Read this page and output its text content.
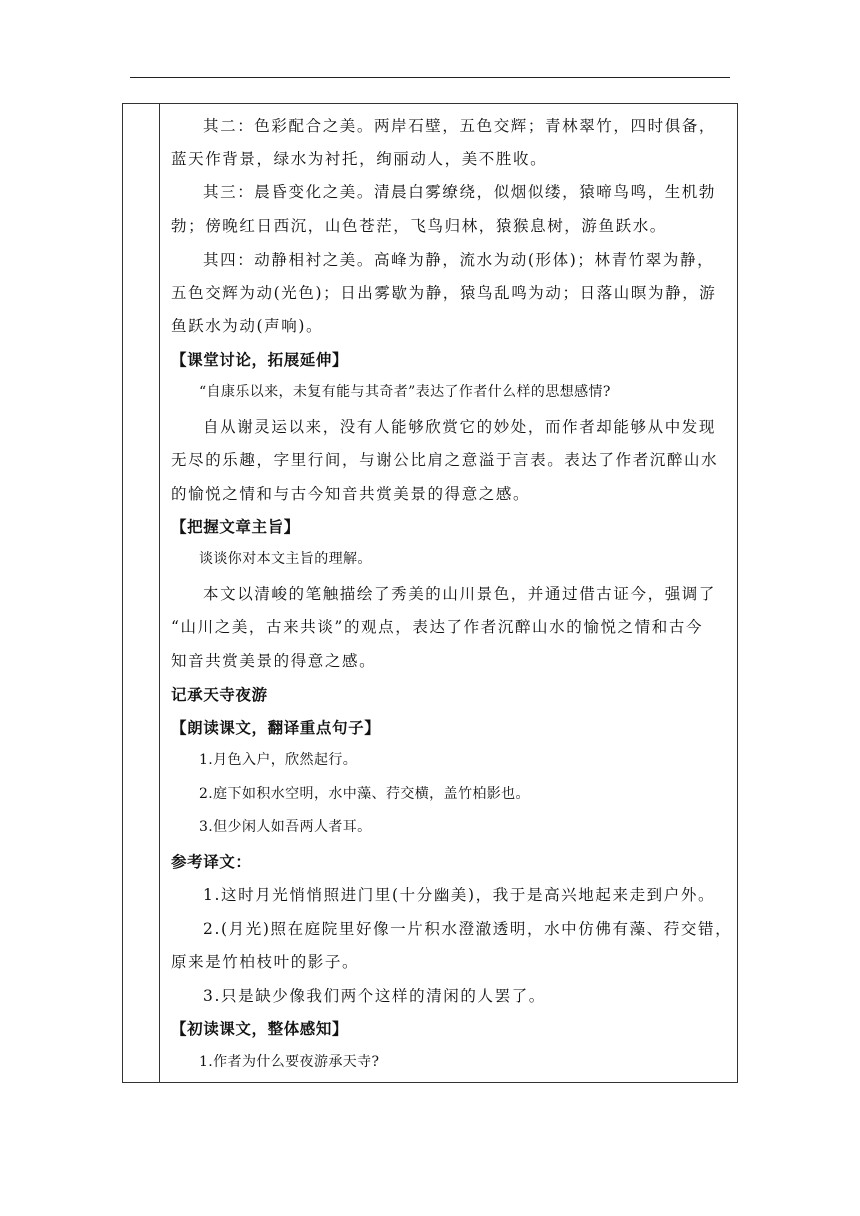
其二：色彩配合之美。两岸石壁，五色交辉；青林翠竹，四时俱备，
蓝天作背景，绿水为衬托，绚丽动人，美不胜收。
其三：晨昏变化之美。清晨白雾缭绕，似烟似缕，猿啼鸟鸣，生机勃
勃；傍晚红日西沉，山色苍茫，飞鸟归林，猿猴息树，游鱼跃水。
其四：动静相衬之美。高峰为静，流水为动(形体)；林青竹翠为静，
五色交辉为动(光色)；日出雾歇为静，猿鸟乱鸣为动；日落山暝为静，游
鱼跃水为动(声响)。
【课堂讨论，拓展延伸】
“自康乐以来，未复有能与其奇者”表达了作者什么样的思想感情?
自从谢灵运以来，没有人能够欣赏它的妙处，而作者却能够从中发现
无尽的乐趣，字里行间，与谢公比肩之意溢于言表。表达了作者沉醉山水
的愉悦之情和与古今知音共赏美景的得意之感。
【把握文章主旨】
谈谈你对本文主旨的理解。
本文以清峻的笔触描绘了秀美的山川景色，并通过借古证今，强调了
“山川之美，古来共谈”的观点，表达了作者沉醉山水的愉悦之情和古今
知音共赏美景的得意之感。
记承天寺夜游
【朗读课文，翻译重点句子】
1.月色入户，欣然起行。
2.庭下如积水空明，水中藻、荇交横，盖竹柏影也。
3.但少闲人如吾两人者耳。
参考译文：
1.这时月光悄悄照进门里(十分幽美)，我于是高兴地起来走到户外。
2.(月光)照在庭院里好像一片积水澄澈透明，水中仿佛有藻、荇交错，
原来是竹柏枝叶的影子。
3.只是缺少像我们两个这样的清闲的人罢了。
【初读课文，整体感知】
1.作者为什么要夜游承天寺?
